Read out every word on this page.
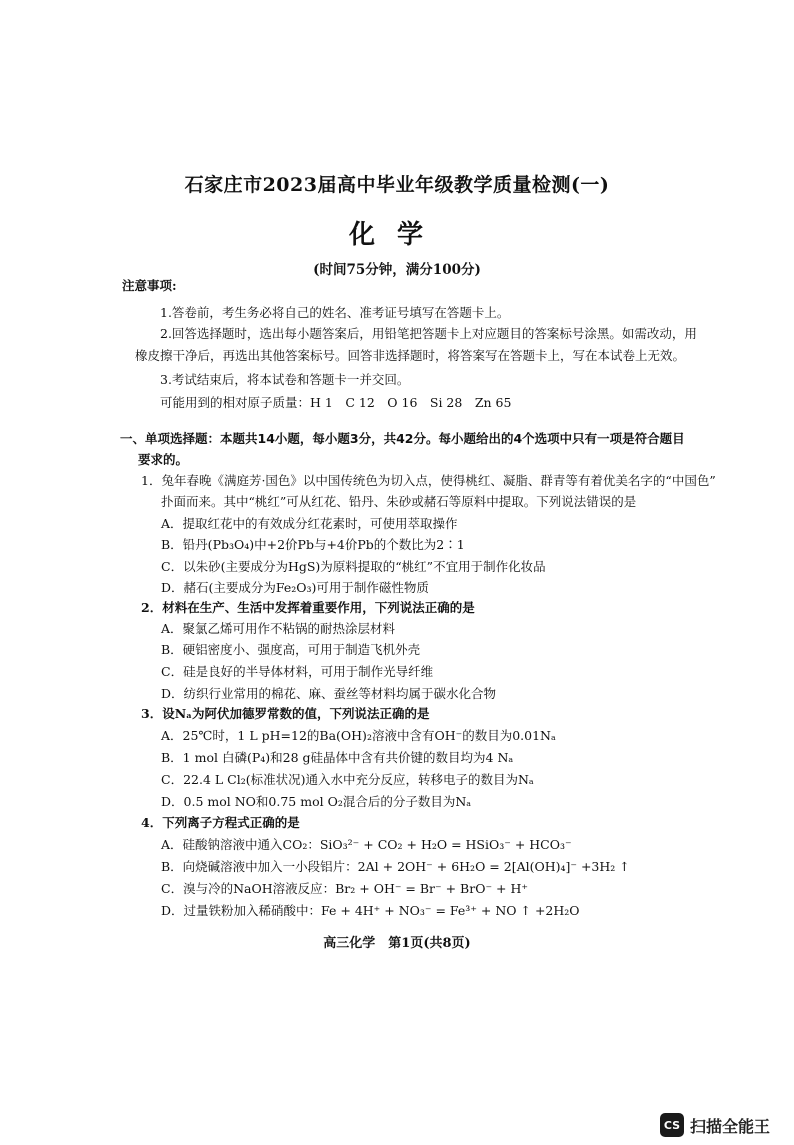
石家庄市2023届高中毕业年级教学质量检测(一)
化学
(时间75分钟，满分100分)
注意事项:
1.答卷前，考生务必将自己的姓名、准考证号填写在答题卡上。
2.回答选择题时，选出每小题答案后，用铅笔把答题卡上对应题目的答案标号涂黑。如需改动，用
橡皮擦干净后，再选出其他答案标号。回答非选择题时，将答案写在答题卡上，写在本试卷上无效。
3.考试结束后，将本试卷和答题卡一并交回。
可能用到的相对原子质量：H 1　C 12　O 16　Si 28　Zn 65
一、单项选择题：本题共14小题，每小题3分，共42分。每小题给出的4个选项中只有一项是符合题目
要求的。
1．兔年春晚《满庭芳·国色》以中国传统色为切入点，使得桃红、凝脂、群青等有着优美名字的“中国色”
扑面而来。其中“桃红”可从红花、铅丹、朱砂或赭石等原料中提取。下列说法错误的是
A．提取红花中的有效成分红花素时，可使用萃取操作
B．铅丹(Pb₃O₄)中+2价Pb与+4价Pb的个数比为2∶1
C．以朱砂(主要成分为HgS)为原料提取的“桃红”不宜用于制作化妆品
D．赭石(主要成分为Fe₂O₃)可用于制作磁性物质
2．材料在生产、生活中发挥着重要作用，下列说法正确的是
A．聚氯乙烯可用作不粘锅的耐热涂层材料
B．硬铝密度小、强度高，可用于制造飞机外壳
C．硅是良好的半导体材料，可用于制作光导纤维
D．纺织行业常用的棉花、麻、蚕丝等材料均属于碳水化合物
3．设Nₐ为阿伏加德罗常数的值，下列说法正确的是
A．25℃时，1 L pH=12的Ba(OH)₂溶液中含有OH⁻的数目为0.01Nₐ
B．1 mol 白磷(P₄)和28 g硅晶体中含有共价键的数目均为4 Nₐ
C．22.4 L Cl₂(标准状况)通入水中充分反应，转移电子的数目为Nₐ
D．0.5 mol NO和0.75 mol O₂混合后的分子数目为Nₐ
4．下列离子方程式正确的是
A．硅酸钠溶液中通入CO₂：SiO₃²⁻ + CO₂ + H₂O = HSiO₃⁻ + HCO₃⁻
B．向烧碱溶液中加入一小段铝片：2Al + 2OH⁻ + 6H₂O = 2[Al(OH)₄]⁻ +3H₂ ↑
C．溴与冷的NaOH溶液反应：Br₂ + OH⁻ = Br⁻ + BrO⁻ + H⁺
D．过量铁粉加入稀硝酸中：Fe + 4H⁺ + NO₃⁻ = Fe³⁺ + NO ↑ +2H₂O
高三化学　第1页(共8页)
CS 扫描全能王
